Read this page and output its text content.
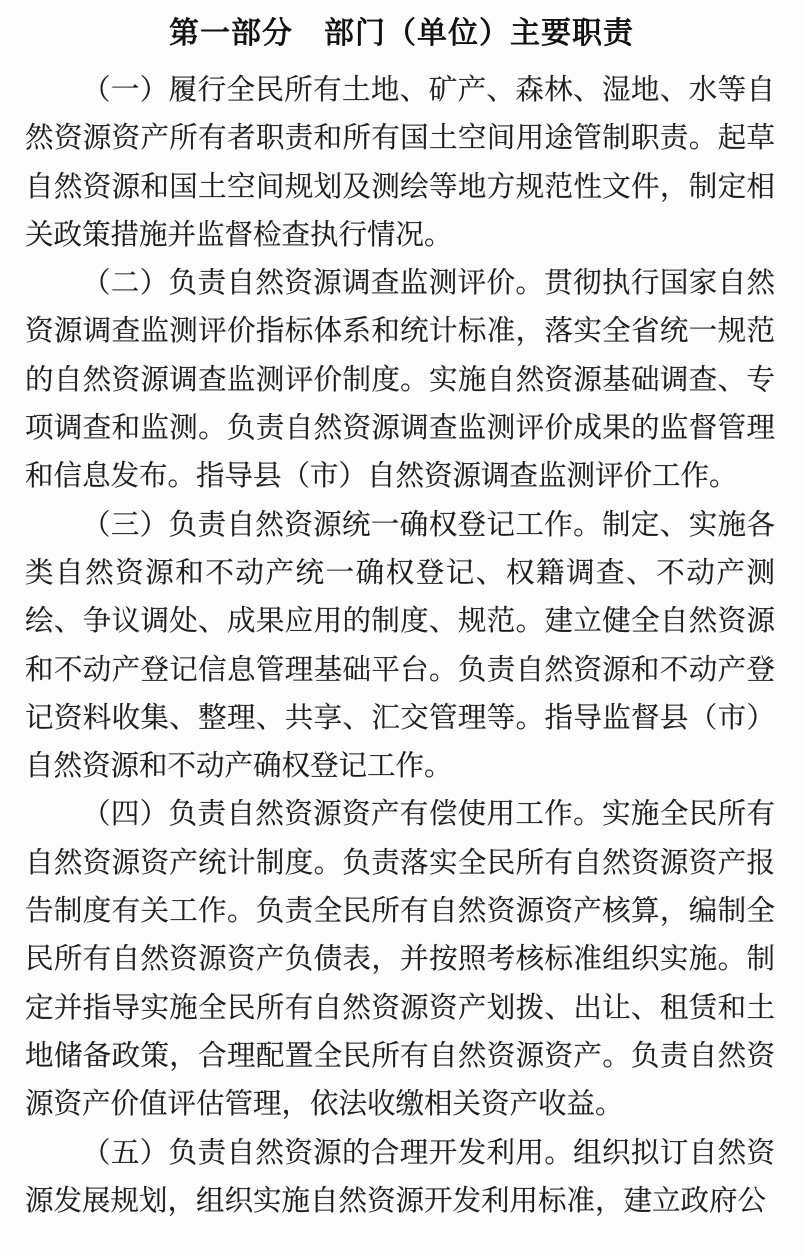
第一部分　部门（单位）主要职责

（一）履行全民所有土地、矿产、森林、湿地、水等自然资源资产所有者职责和所有国土空间用途管制职责。起草自然资源和国土空间规划及测绘等地方规范性文件，制定相关政策措施并监督检查执行情况。

（二）负责自然资源调查监测评价。贯彻执行国家自然资源调查监测评价指标体系和统计标准，落实全省统一规范的自然资源调查监测评价制度。实施自然资源基础调查、专项调查和监测。负责自然资源调查监测评价成果的监督管理和信息发布。指导县（市）自然资源调查监测评价工作。

（三）负责自然资源统一确权登记工作。制定、实施各类自然资源和不动产统一确权登记、权籍调查、不动产测绘、争议调处、成果应用的制度、规范。建立健全自然资源和不动产登记信息管理基础平台。负责自然资源和不动产登记资料收集、整理、共享、汇交管理等。指导监督县（市）自然资源和不动产确权登记工作。

（四）负责自然资源资产有偿使用工作。实施全民所有自然资源资产统计制度。负责落实全民所有自然资源资产报告制度有关工作。负责全民所有自然资源资产核算，编制全民所有自然资源资产负债表，并按照考核标准组织实施。制定并指导实施全民所有自然资源资产划拨、出让、租赁和土地储备政策，合理配置全民所有自然资源资产。负责自然资源资产价值评估管理，依法收缴相关资产收益。

（五）负责自然资源的合理开发利用。组织拟订自然资源发展规划，组织实施自然资源开发利用标准，建立政府公
